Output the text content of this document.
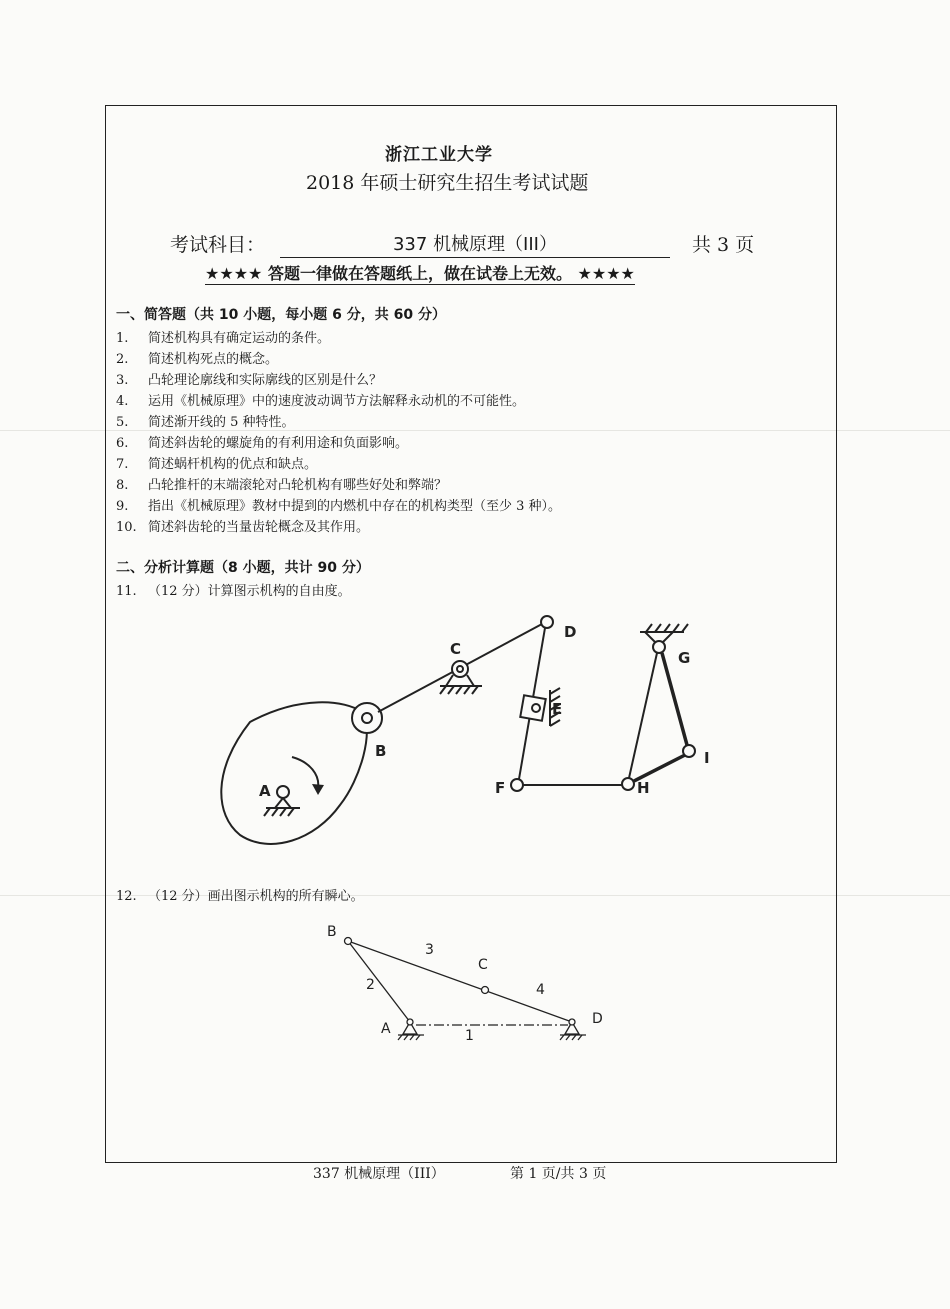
浙江工业大学
2018 年硕士研究生招生考试试题
考试科目：	337 机械原理（III）	共 3 页
★★★★ 答题一律做在答题纸上，做在试卷上无效。 ★★★★
一、简答题（共 10 小题，每小题 6 分，共 60 分）
1. 简述机构具有确定运动的条件。
2. 简述机构死点的概念。
3. 凸轮理论廓线和实际廓线的区别是什么？
4. 运用《机械原理》中的速度波动调节方法解释永动机的不可能性。
5. 简述渐开线的 5 种特性。
6. 简述斜齿轮的螺旋角的有利用途和负面影响。
7. 简述蜗杆机构的优点和缺点。
8. 凸轮推杆的末端滚轮对凸轮机构有哪些好处和弊端？
9. 指出《机械原理》教材中提到的内燃机中存在的机构类型（至少 3 种）。
10. 简述斜齿轮的当量齿轮概念及其作用。
二、分析计算题（8 小题，共计 90 分）
11. （12 分）计算图示机构的自由度。
A
B
C
D
E
F
G
H
I
12. （12 分）画出图示机构的所有瞬心。
B
C
A
D
1
2
3
4
337 机械原理（III）	第 1 页/共 3 页
